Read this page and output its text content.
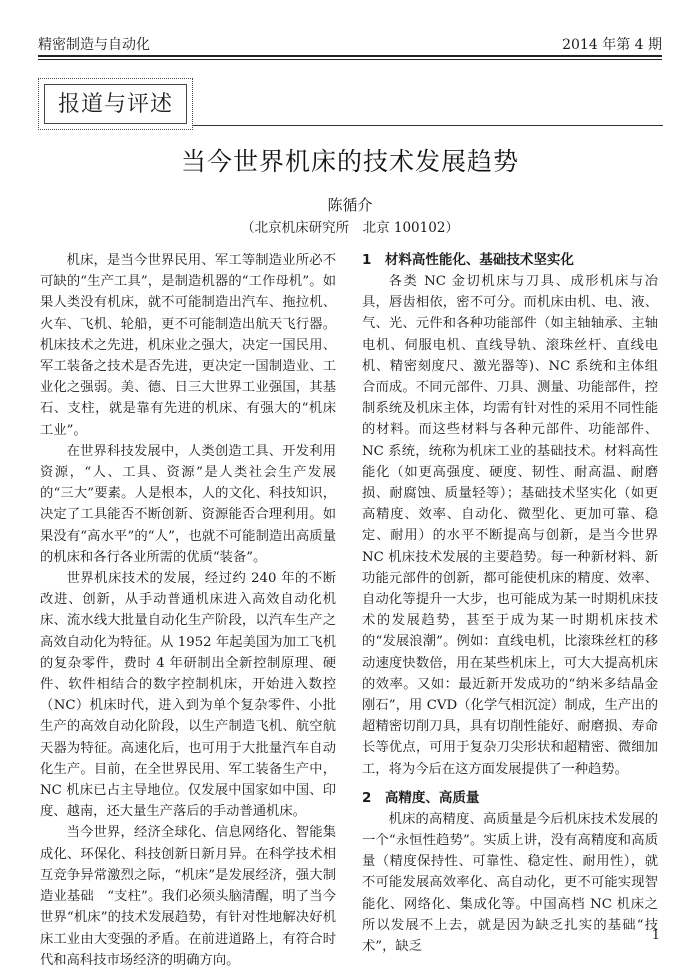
精密制造与自动化	2014 年第 4 期
报道与评述
当今世界机床的技术发展趋势
陈循介
（北京机床研究所　北京 100102）

机床，是当今世界民用、军工等制造业所必不可缺的“生产工具”，是制造机器的“工作母机”。如果人类没有机床，就不可能制造出汽车、拖拉机、火车、飞机、轮船，更不可能制造出航天飞行器。机床技术之先进，机床业之强大，决定一国民用、军工装备之技术是否先进，更决定一国制造业、工业化之强弱。美、德、日三大世界工业强国，其基石、支柱，就是靠有先进的机床、有强大的“机床工业”。

在世界科技发展中，人类创造工具、开发利用资源，“人、工具、资源”是人类社会生产发展的“三大”要素。人是根本，人的文化、科技知识，决定了工具能否不断创新、资源能否合理利用。如果没有“高水平”的“人”，也就不可能制造出高质量的机床和各行各业所需的优质“装备”。

世界机床技术的发展，经过约 240 年的不断改进、创新，从手动普通机床进入高效自动化机床、流水线大批量自动化生产阶段，以汽车生产之高效自动化为特征。从 1952 年起美国为加工飞机的复杂零件，费时 4 年研制出全新控制原理、硬件、软件相结合的数字控制机床，开始进入数控（NC）机床时代，进入到为单个复杂零件、小批生产的高效自动化阶段，以生产制造飞机、航空航天器为特征。高速化后，也可用于大批量汽车自动化生产。目前，在全世界民用、军工装备生产中，NC 机床已占主导地位。仅发展中国家如中国、印度、越南，还大量生产落后的手动普通机床。

当今世界，经济全球化、信息网络化、智能集成化、环保化、科技创新日新月异。在科学技术相互竞争异常激烈之际，“机床”是发展经济，强大制造业基础　“支柱”。我们必须头脑清醒，明了当今世界“机床”的技术发展趋势，有针对性地解决好机床工业由大变强的矛盾。在前进道路上，有符合时代和高科技市场经济的明确方向。

1　材料高性能化、基础技术坚实化

各类 NC 金切机床与刀具、成形机床与冶具，唇齿相依，密不可分。而机床由机、电、液、气、光、元件和各种功能部件（如主轴轴承、主轴电机、伺服电机、直线导轨、滚珠丝杆、直线电机、精密刻度尺、激光器等)、NC 系统和主体组合而成。不同元部件、刀具、测量、功能部件，控制系统及机床主体，均需有针对性的采用不同性能的材料。而这些材料与各种元部件、功能部件、NC 系统，统称为机床工业的基础技术。材料高性能化（如更高强度、硬度、韧性、耐高温、耐磨损、耐腐蚀、质量轻等）；基础技术坚实化（如更高精度、效率、自动化、微型化、更加可靠、稳定、耐用）的水平不断提高与创新，是当今世界 NC 机床技术发展的主要趋势。每一种新材料、新功能元部件的创新，都可能使机床的精度、效率、自动化等提升一大步，也可能成为某一时期机床技术的发展趋势，甚至于成为某一时期机床技术的“发展浪潮”。例如：直线电机，比滚珠丝杠的移动速度快数倍，用在某些机床上，可大大提高机床的效率。又如：最近新开发成功的“纳米多结晶金刚石”，用 CVD（化学气相沉淀）制成，生产出的超精密切削刀具，具有切削性能好、耐磨损、寿命长等优点，可用于复杂刀尖形状和超精密、微细加工，将为今后在这方面发展提供了一种趋势。

2　高精度、高质量

机床的高精度、高质量是今后机床技术发展的一个“永恒性趋势”。实质上讲，没有高精度和高质量（精度保持性、可靠性、稳定性、耐用性），就不可能发展高效率化、高自动化，更不可能实现智能化、网络化、集成化等。中国高档 NC 机床之所以发展不上去，就是因为缺乏扎实的基础“技术”，缺乏

1
